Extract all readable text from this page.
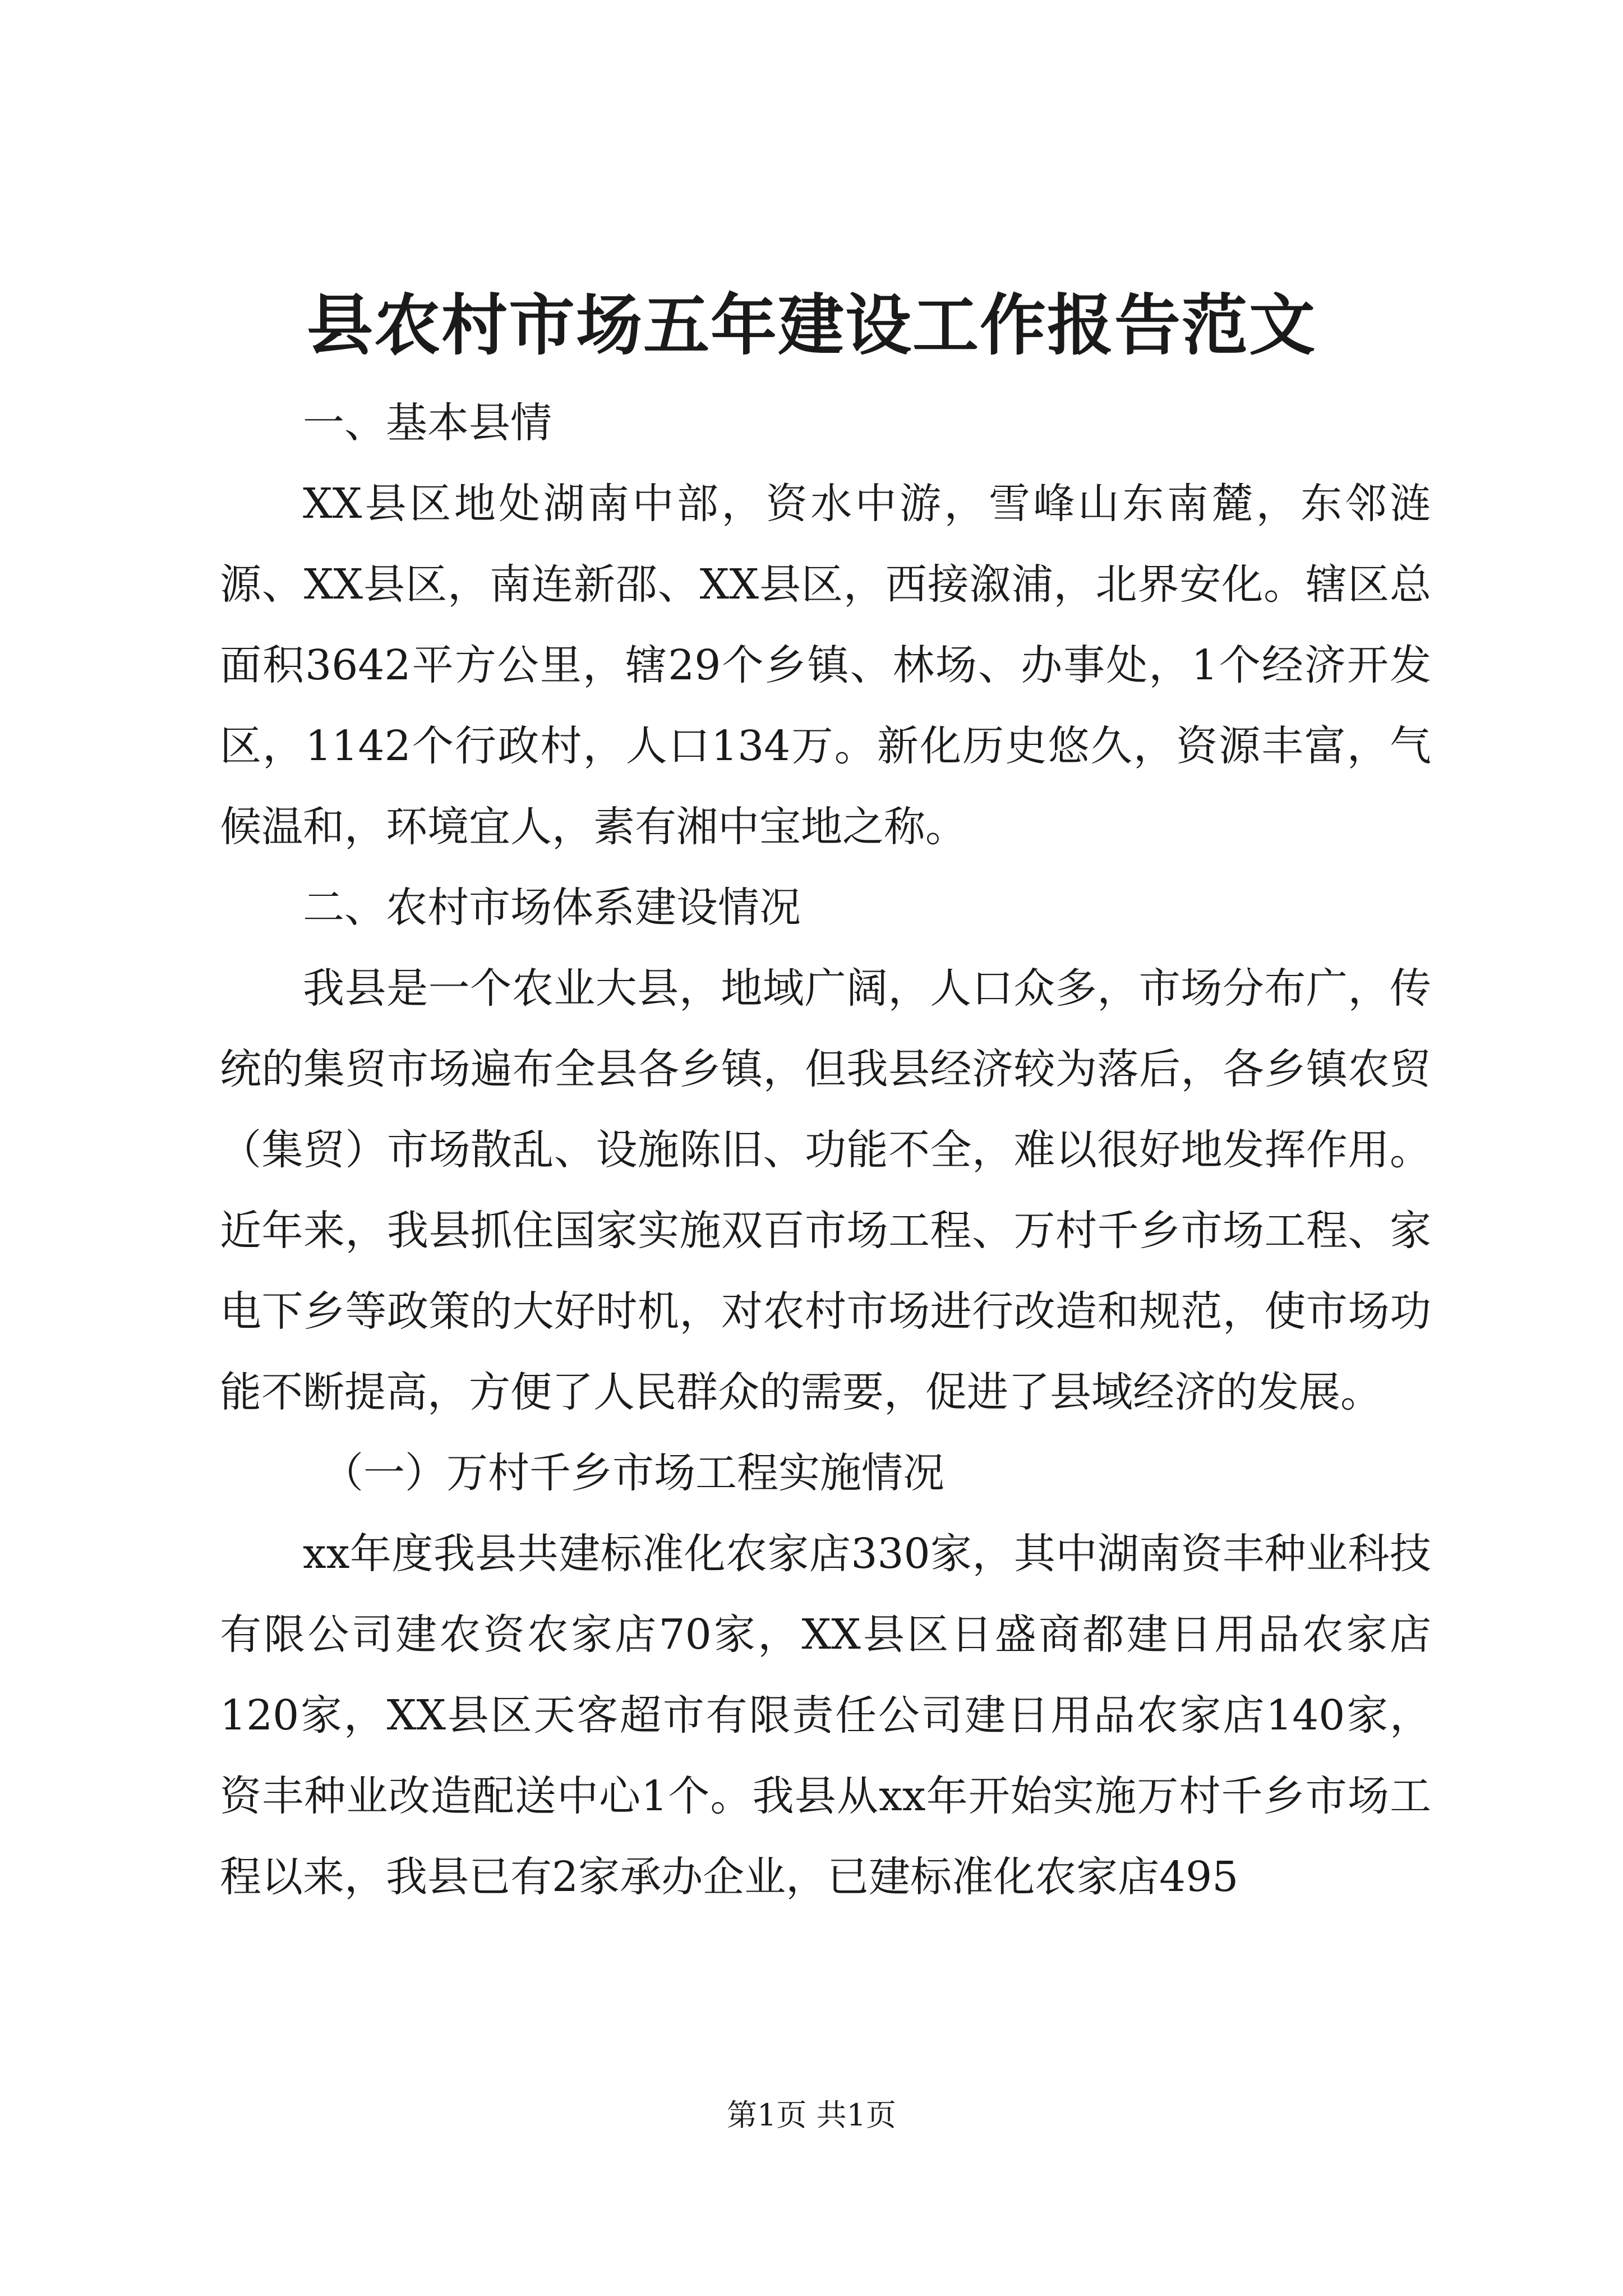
县农村市场五年建设工作报告范文

一、基本县情

XX县区地处湖南中部，资水中游，雪峰山东南麓，东邻涟源、XX县区，南连新邵、XX县区，西接溆浦，北界安化。辖区总面积3642平方公里，辖29个乡镇、林场、办事处，1个经济开发区，1142个行政村，人口134万。新化历史悠久，资源丰富，气候温和，环境宜人，素有湘中宝地之称。

二、农村市场体系建设情况

我县是一个农业大县，地域广阔，人口众多，市场分布广，传统的集贸市场遍布全县各乡镇，但我县经济较为落后，各乡镇农贸（集贸）市场散乱、设施陈旧、功能不全，难以很好地发挥作用。近年来，我县抓住国家实施双百市场工程、万村千乡市场工程、家电下乡等政策的大好时机，对农村市场进行改造和规范，使市场功能不断提高，方便了人民群众的需要，促进了县域经济的发展。

（一）万村千乡市场工程实施情况

xx年度我县共建标准化农家店330家，其中湖南资丰种业科技有限公司建农资农家店70家，XX县区日盛商都建日用品农家店120家，XX县区天客超市有限责任公司建日用品农家店140家，资丰种业改造配送中心1个。我县从xx年开始实施万村千乡市场工程以来，我县已有2家承办企业，已建标准化农家店495

第1页 共1页
